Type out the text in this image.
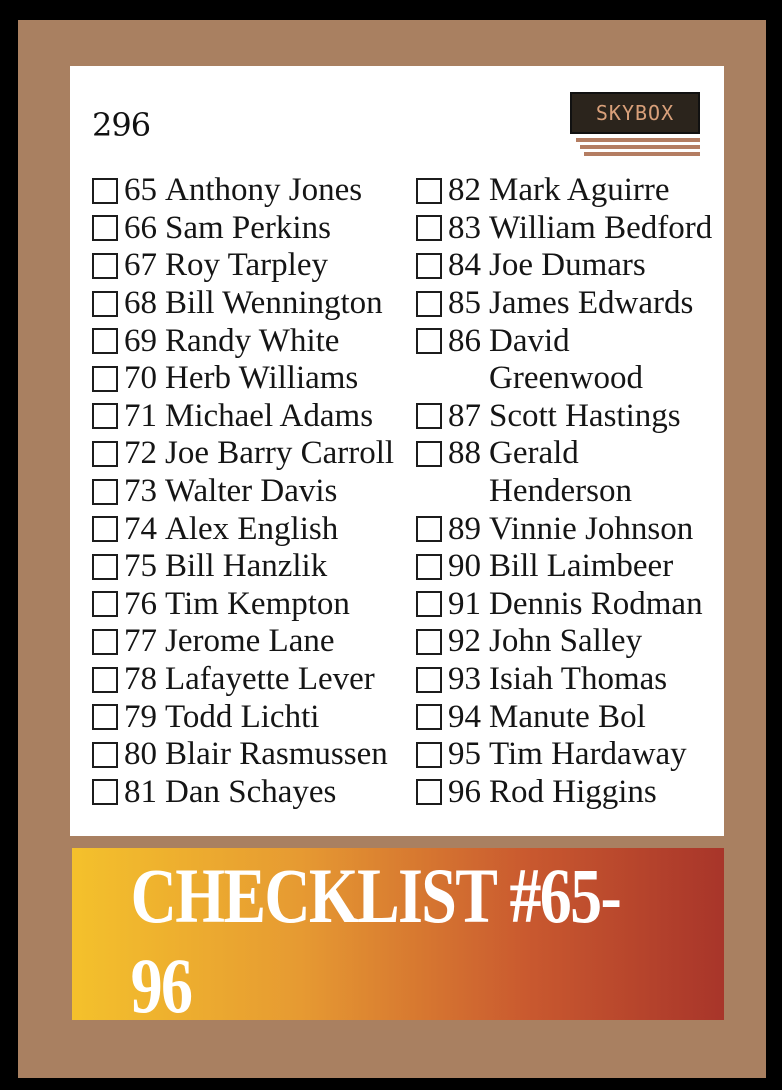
296	SKYBOX
65 Anthony Jones
66 Sam Perkins
67 Roy Tarpley
68 Bill Wennington
69 Randy White
70 Herb Williams
71 Michael Adams
72 Joe Barry Carroll
73 Walter Davis
74 Alex English
75 Bill Hanzlik
76 Tim Kempton
77 Jerome Lane
78 Lafayette Lever
79 Todd Lichti
80 Blair Rasmussen
81 Dan Schayes
82 Mark Aguirre
83 William Bedford
84 Joe Dumars
85 James Edwards
86 David
Greenwood
87 Scott Hastings
88 Gerald
Henderson
89 Vinnie Johnson
90 Bill Laimbeer
91 Dennis Rodman
92 John Salley
93 Isiah Thomas
94 Manute Bol
95 Tim Hardaway
96 Rod Higgins
CHECKLIST #65-96
